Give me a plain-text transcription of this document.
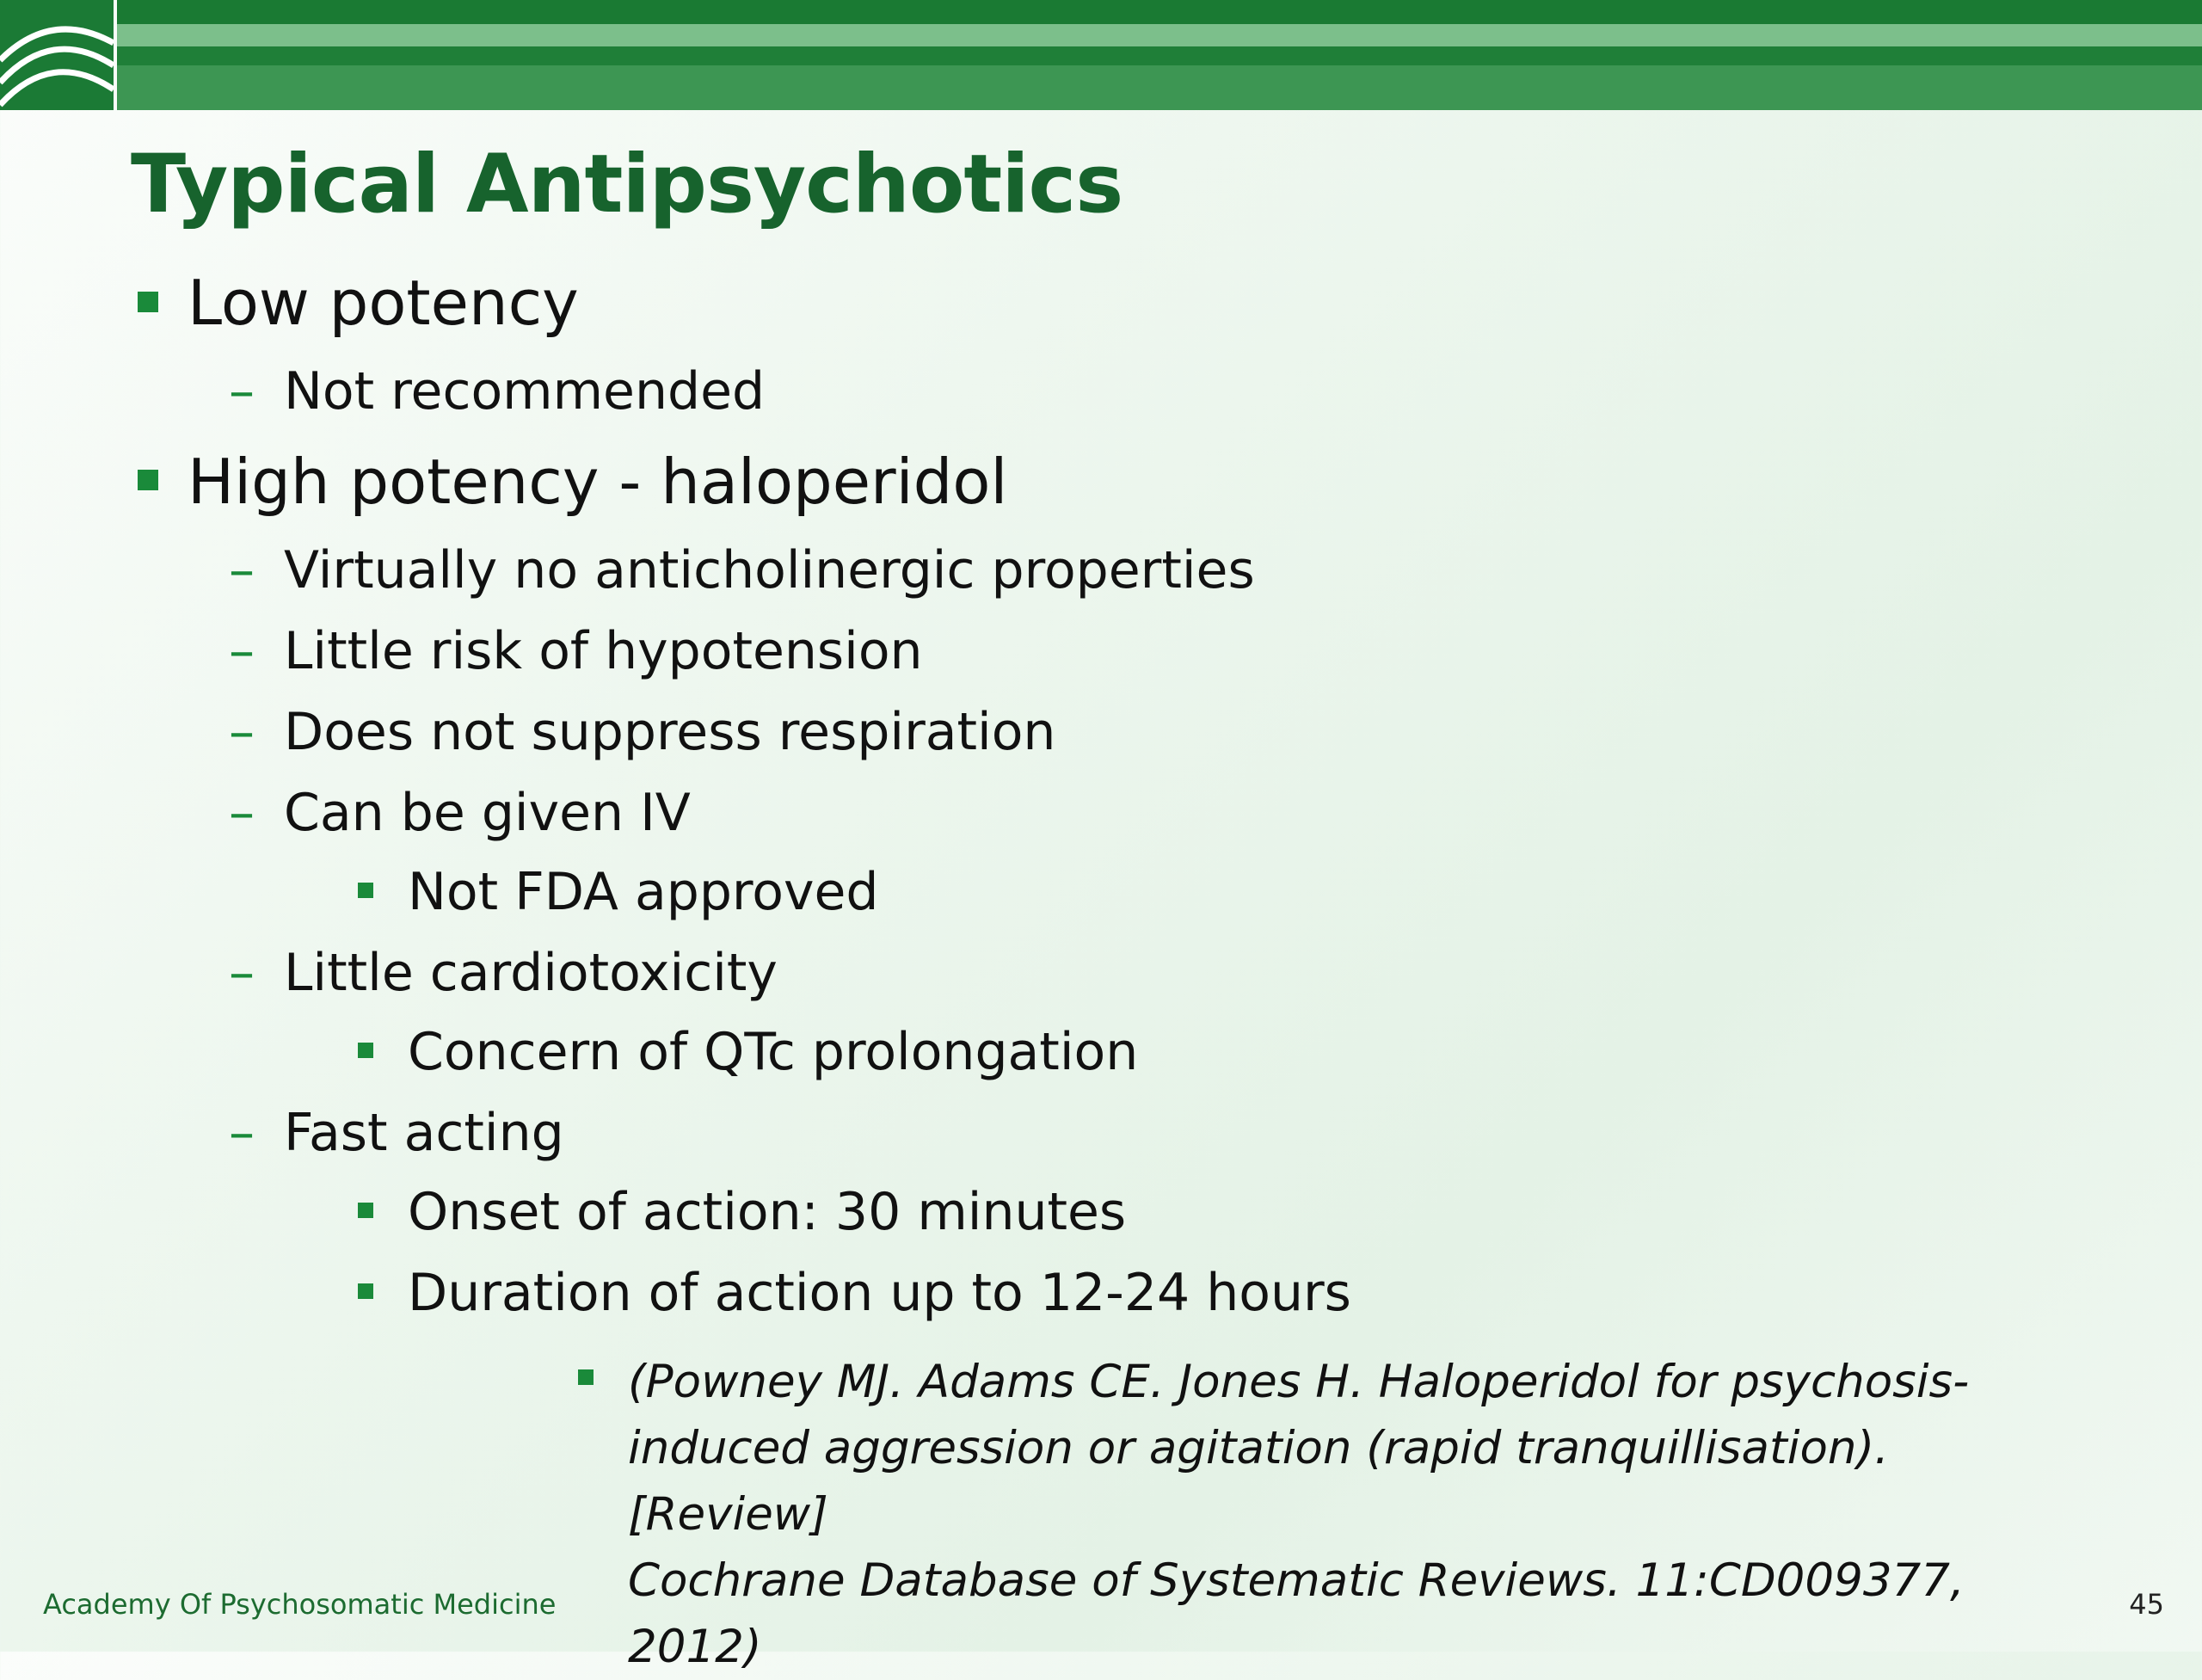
Typical Antipsychotics
Low potency
– Not recommended
High potency - haloperidol
– Virtually no anticholinergic properties
– Little risk of hypotension
– Does not suppress respiration
– Can be given IV
Not FDA approved
– Little cardiotoxicity
Concern of QTc prolongation
– Fast acting
Onset of action: 30 minutes
Duration of action up to 12-24 hours
(Powney MJ. Adams CE. Jones H. Haloperidol for psychosis-
induced aggression or agitation (rapid tranquillisation). [Review]
Cochrane Database of Systematic Reviews. 11:CD009377, 2012)
Academy Of Psychosomatic Medicine	45
